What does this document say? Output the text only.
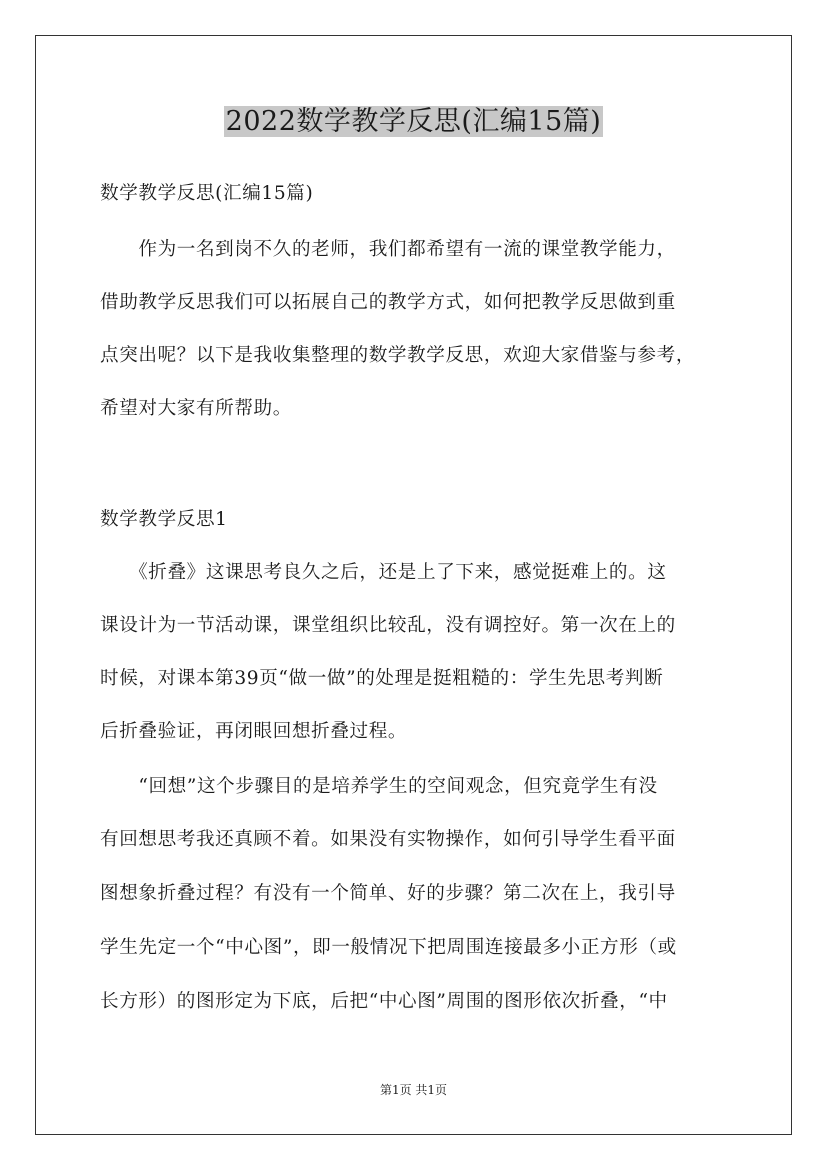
2022数学教学反思(汇编15篇)
数学教学反思(汇编15篇)
　　作为一名到岗不久的老师，我们都希望有一流的课堂教学能力，
借助教学反思我们可以拓展自己的教学方式，如何把教学反思做到重
点突出呢？以下是我收集整理的数学教学反思，欢迎大家借鉴与参考，
希望对大家有所帮助。
数学教学反思1
　　《折叠》这课思考良久之后，还是上了下来，感觉挺难上的。这
课设计为一节活动课，课堂组织比较乱，没有调控好。第一次在上的
时候，对课本第39页“做一做”的处理是挺粗糙的：学生先思考判断
后折叠验证，再闭眼回想折叠过程。
　　“回想”这个步骤目的是培养学生的空间观念，但究竟学生有没
有回想思考我还真顾不着。如果没有实物操作，如何引导学生看平面
图想象折叠过程？有没有一个简单、好的步骤？第二次在上，我引导
学生先定一个“中心图”，即一般情况下把周围连接最多小正方形（或
长方形）的图形定为下底，后把“中心图”周围的图形依次折叠，“中
第1页 共1页
